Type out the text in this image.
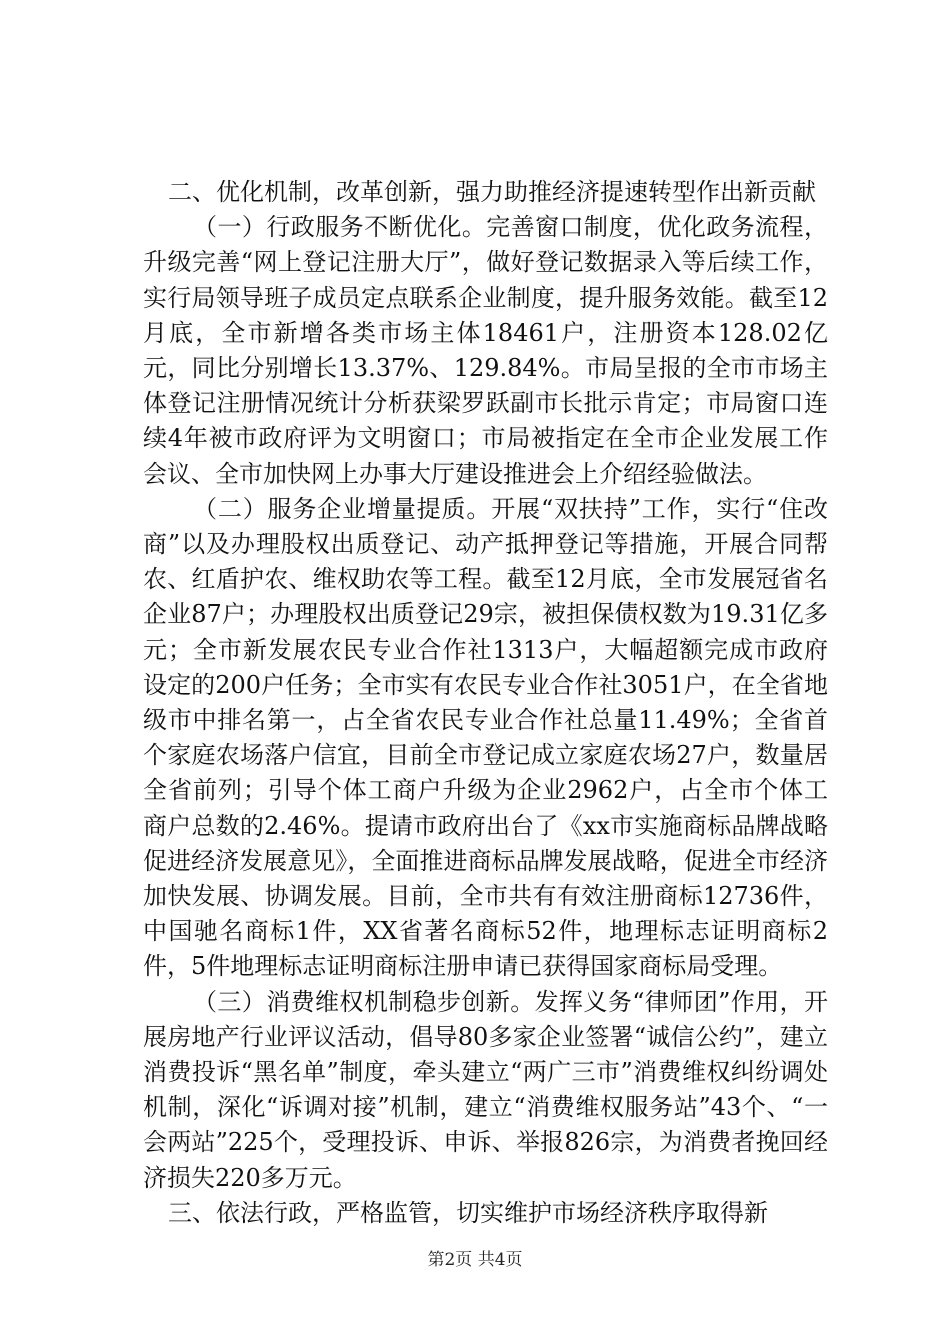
二、优化机制，改革创新，强力助推经济提速转型作出新贡献

（一）行政服务不断优化。完善窗口制度，优化政务流程，升级完善“网上登记注册大厅”，做好登记数据录入等后续工作，实行局领导班子成员定点联系企业制度，提升服务效能。截至12月底，全市新增各类市场主体18461户，注册资本128.02亿元，同比分别增长13.37%、129.84%。市局呈报的全市市场主体登记注册情况统计分析获梁罗跃副市长批示肯定；市局窗口连续4年被市政府评为文明窗口；市局被指定在全市企业发展工作会议、全市加快网上办事大厅建设推进会上介绍经验做法。

（二）服务企业增量提质。开展“双扶持”工作，实行“住改商”以及办理股权出质登记、动产抵押登记等措施，开展合同帮农、红盾护农、维权助农等工程。截至12月底，全市发展冠省名企业87户；办理股权出质登记29宗，被担保债权数为19.31亿多元；全市新发展农民专业合作社1313户，大幅超额完成市政府设定的200户任务；全市实有农民专业合作社3051户，在全省地级市中排名第一，占全省农民专业合作社总量11.49%；全省首个家庭农场落户信宜，目前全市登记成立家庭农场27户，数量居全省前列；引导个体工商户升级为企业2962户，占全市个体工商户总数的2.46%。提请市政府出台了《xx市实施商标品牌战略促进经济发展意见》，全面推进商标品牌发展战略，促进全市经济加快发展、协调发展。目前，全市共有有效注册商标12736件，中国驰名商标1件，XX省著名商标52件，地理标志证明商标2件，5件地理标志证明商标注册申请已获得国家商标局受理。

（三）消费维权机制稳步创新。发挥义务“律师团”作用，开展房地产行业评议活动，倡导80多家企业签署“诚信公约”，建立消费投诉“黑名单”制度，牵头建立“两广三市”消费维权纠纷调处机制，深化“诉调对接”机制，建立“消费维权服务站”43个、“一会两站”225个，受理投诉、申诉、举报826宗，为消费者挽回经济损失220多万元。

三、依法行政，严格监管，切实维护市场经济秩序取得新

第2页 共4页
